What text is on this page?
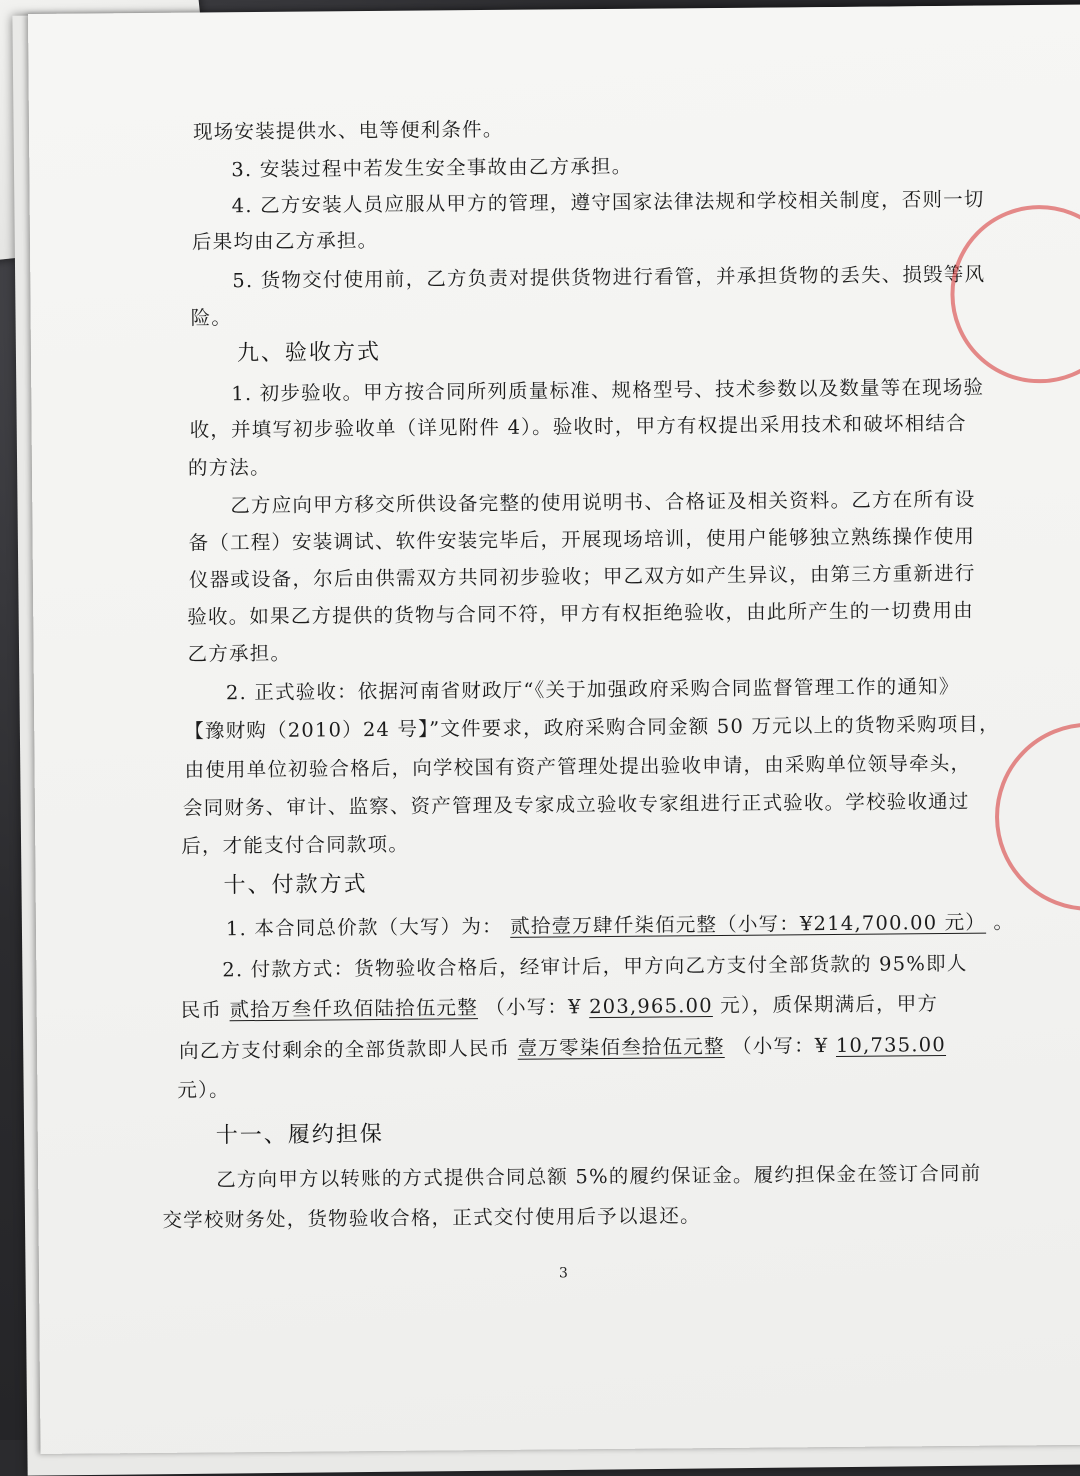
现场安装提供水、电等便利条件。
3. 安装过程中若发生安全事故由乙方承担。
4. 乙方安装人员应服从甲方的管理，遵守国家法律法规和学校相关制度，否则一切
后果均由乙方承担。
5. 货物交付使用前，乙方负责对提供货物进行看管，并承担货物的丢失、损毁等风
险。
九、验收方式
1. 初步验收。甲方按合同所列质量标准、规格型号、技术参数以及数量等在现场验
收，并填写初步验收单（详见附件 4）。验收时，甲方有权提出采用技术和破坏相结合
的方法。
乙方应向甲方移交所供设备完整的使用说明书、合格证及相关资料。乙方在所有设
备（工程）安装调试、软件安装完毕后，开展现场培训，使用户能够独立熟练操作使用
仪器或设备，尔后由供需双方共同初步验收；甲乙双方如产生异议，由第三方重新进行
验收。如果乙方提供的货物与合同不符，甲方有权拒绝验收，由此所产生的一切费用由
乙方承担。
2. 正式验收：依据河南省财政厅“《关于加强政府采购合同监督管理工作的通知》
【豫财购（2010）24 号】”文件要求，政府采购合同金额 50 万元以上的货物采购项目，
由使用单位初验合格后，向学校国有资产管理处提出验收申请，由采购单位领导牵头，
会同财务、审计、监察、资产管理及专家成立验收专家组进行正式验收。学校验收通过
后，才能支付合同款项。
十、付款方式
1. 本合同总价款（大写）为： 贰拾壹万肆仟柒佰元整（小写：¥214,700.00 元） 。
2. 付款方式：货物验收合格后，经审计后，甲方向乙方支付全部货款的 95%即人
民币 贰拾万叁仟玖佰陆拾伍元整 （小写：¥ 203,965.00 元），质保期满后，甲方
向乙方支付剩余的全部货款即人民币 壹万零柒佰叁拾伍元整 （小写：¥ 10,735.00
元）。
十一、履约担保
乙方向甲方以转账的方式提供合同总额 5%的履约保证金。履约担保金在签订合同前
交学校财务处，货物验收合格，正式交付使用后予以退还。
3
